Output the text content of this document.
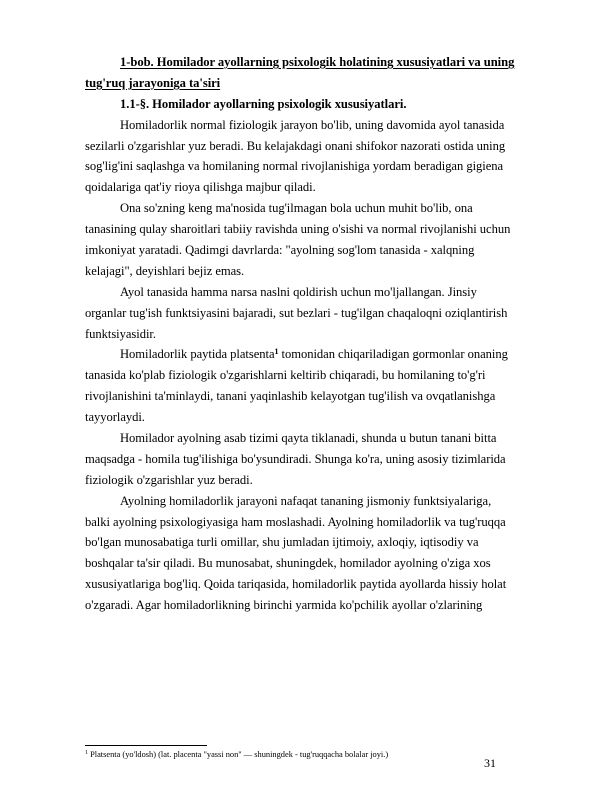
1-bob. Homilador ayollarning psixologik holatining xususiyatlari va uning
tug'ruq jarayoniga ta'siri
1.1-§. Homilador ayollarning psixologik xususiyatlari.
Homiladorlik normal fiziologik jarayon bo'lib, uning davomida ayol tanasida
sezilarli o'zgarishlar yuz beradi. Bu kelajakdagi onani shifokor nazorati ostida uning
sog'lig'ini saqlashga va homilaning normal rivojlanishiga yordam beradigan gigiena
qoidalariga qat'iy rioya qilishga majbur qiladi.
Ona so'zning keng ma'nosida tug'ilmagan bola uchun muhit bo'lib, ona
tanasining qulay sharoitlari tabiiy ravishda uning o'sishi va normal rivojlanishi uchun
imkoniyat yaratadi. Qadimgi davrlarda: "ayolning sog'lom tanasida - xalqning
kelajagi", deyishlari bejiz emas.
Ayol tanasida hamma narsa naslni qoldirish uchun mo'ljallangan. Jinsiy
organlar tug'ish funktsiyasini bajaradi, sut bezlari - tug'ilgan chaqaloqni oziqlantirish
funktsiyasidir.
Homiladorlik paytida platsenta$^1$ tomonidan chiqariladigan gormonlar onaning
tanasida ko'plab fiziologik o'zgarishlarni keltirib chiqaradi, bu homilaning to'g'ri
rivojlanishini ta'minlaydi, tanani yaqinlashib kelayotgan tug'ilish va ovqatlanishga
tayyorlaydi.
Homilador ayolning asab tizimi qayta tiklanadi, shunda u butun tanani bitta
maqsadga - homila tug'ilishiga bo'ysundiradi. Shunga ko'ra, uning asosiy tizimlarida
fiziologik o'zgarishlar yuz beradi.
Ayolning homiladorlik jarayoni nafaqat tananing jismoniy funktsiyalariga,
balki ayolning psixologiyasiga ham moslashadi. Ayolning homiladorlik va tug'ruqqa
bo'lgan munosabatiga turli omillar, shu jumladan ijtimoiy, axloqiy, iqtisodiy va
boshqalar ta'sir qiladi. Bu munosabat, shuningdek, homilador ayolning o'ziga xos
xususiyatlariga bog'liq. Qoida tariqasida, homiladorlik paytida ayollarda hissiy holat
o'zgaradi. Agar homiladorlikning birinchi yarmida ko'pchilik ayollar o'zlarining
$^1$ Platsenta (yo'ldosh) (lat. placenta "yassi non" — shuningdek - tug'ruqqacha bolalar joyi.)
31
